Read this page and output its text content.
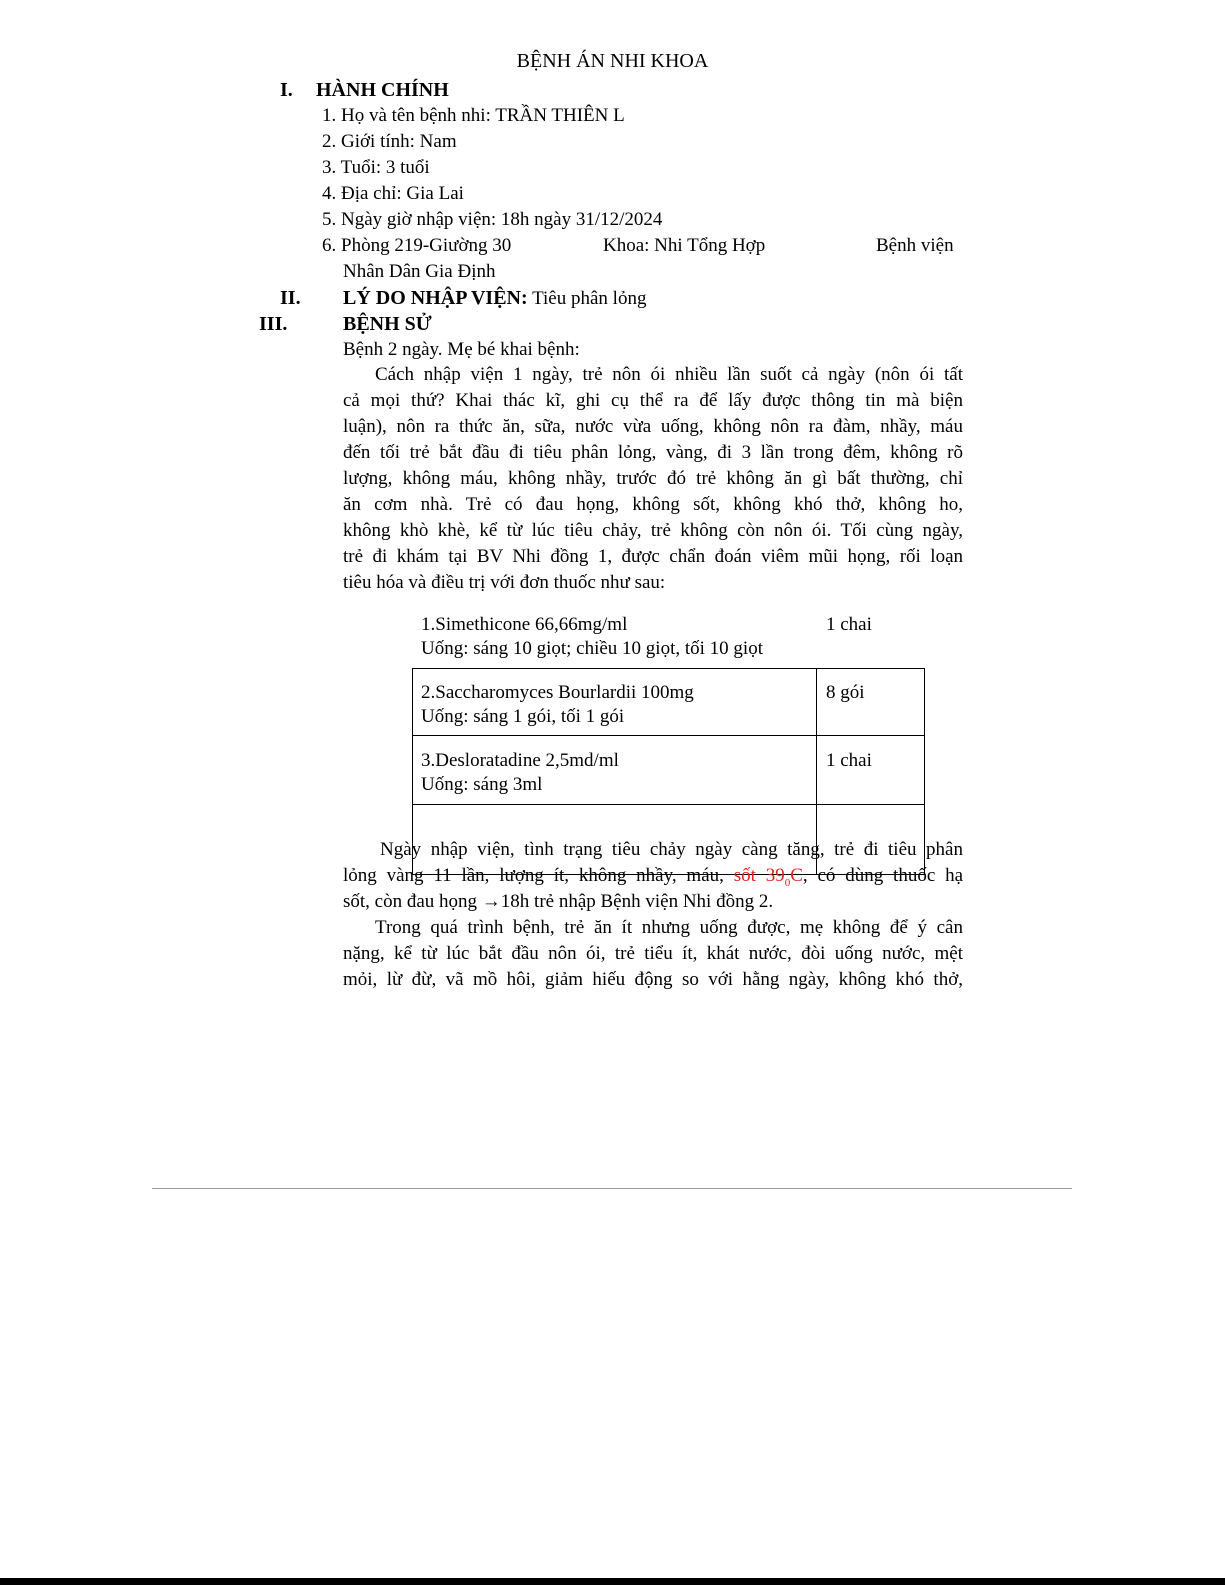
BỆNH ÁN NHI KHOA
I. HÀNH CHÍNH
1. Họ và tên bệnh nhi: TRẦN THIÊN L
2. Giới tính: Nam
3. Tuổi: 3 tuổi
4. Địa chỉ: Gia Lai
5. Ngày giờ nhập viện: 18h ngày 31/12/2024
6. Phòng 219-Giường 30	Khoa: Nhi Tổng Hợp	Bệnh viện
Nhân Dân Gia Định
II. LÝ DO NHẬP VIỆN: Tiêu phân lỏng
III.	BỆNH SỬ
Bệnh 2 ngày. Mẹ bé khai bệnh:
Cách nhập viện 1 ngày, trẻ nôn ói nhiều lần suốt cả ngày (nôn ói tất
cả mọi thứ? Khai thác kĩ, ghi cụ thể ra để lấy được thông tin mà biện
luận), nôn ra thức ăn, sữa, nước vừa uống, không nôn ra đàm, nhầy, máu
đến tối trẻ bắt đầu đi tiêu phân lỏng, vàng, đi 3 lần trong đêm, không rõ
lượng, không máu, không nhầy, trước đó trẻ không ăn gì bất thường, chỉ
ăn cơm nhà. Trẻ có đau họng, không sốt, không khó thở, không ho,
không khò khè, kể từ lúc tiêu chảy, trẻ không còn nôn ói. Tối cùng ngày,
trẻ đi khám tại BV Nhi đồng 1, được chẩn đoán viêm mũi họng, rối loạn
tiêu hóa và điều trị với đơn thuốc như sau:
1.Simethicone 66,66mg/ml	1 chai
Uống: sáng 10 giọt; chiều 10 giọt, tối 10 giọt
2.Saccharomyces Bourlardii 100mg	8 gói
Uống: sáng 1 gói, tối 1 gói
3.Desloratadine 2,5md/ml	1 chai
Uống: sáng 3ml
Ngày nhập viện, tình trạng tiêu chảy ngày càng tăng, trẻ đi tiêu phân
lỏng vàng 11 lần, lượng ít, không nhầy, máu, sốt $39_0C$, có dùng thuốc hạ
sốt, còn đau họng →18h trẻ nhập Bệnh viện Nhi đồng 2.
Trong quá trình bệnh, trẻ ăn ít nhưng uống được, mẹ không để ý cân
nặng, kể từ lúc bắt đầu nôn ói, trẻ tiểu ít, khát nước, đòi uống nước, mệt
mỏi, lừ đừ, vã mồ hôi, giảm hiếu động so với hằng ngày, không khó thở,
